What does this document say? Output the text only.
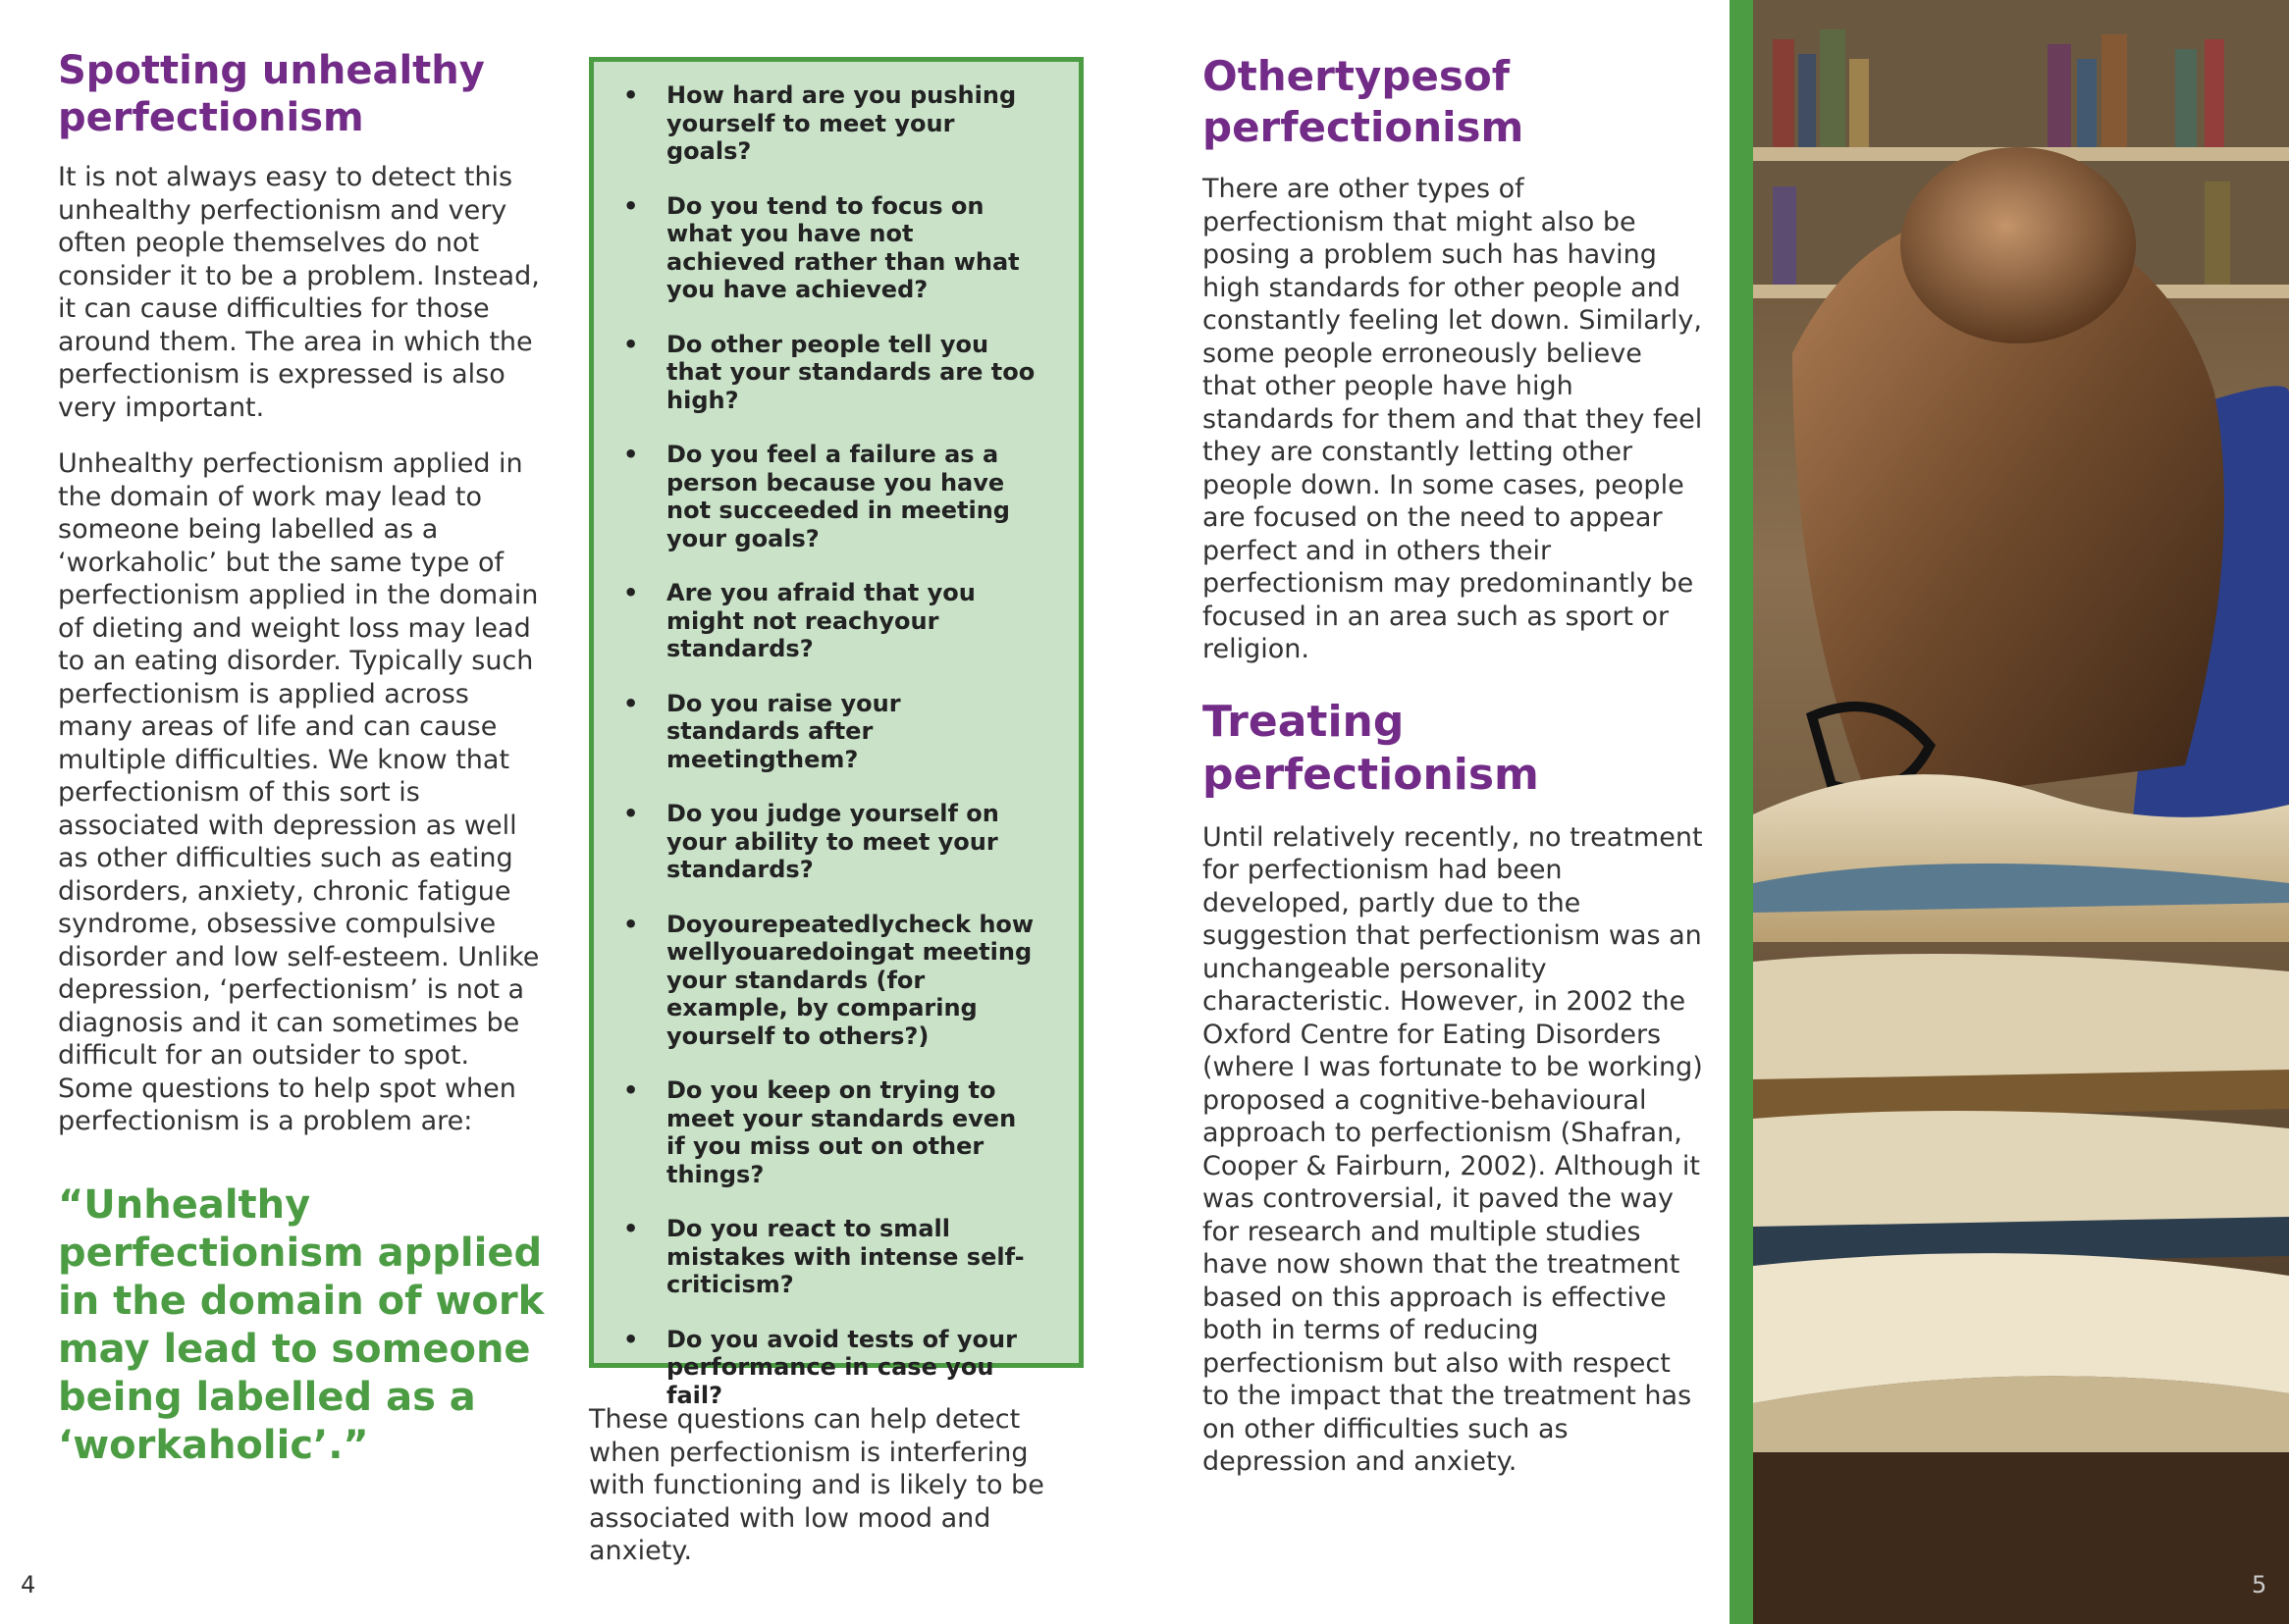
Spotting unhealthy perfectionism

It is not always easy to detect this unhealthy perfectionism and very often people themselves do not consider it to be a problem. Instead, it can cause difficulties for those around them. The area in which the perfectionism is expressed is also very important.

Unhealthy perfectionism applied in the domain of work may lead to someone being labelled as a ‘workaholic’ but the same type of perfectionism applied in the domain of dieting and weight loss may lead to an eating disorder. Typically such perfectionism is applied across many areas of life and can cause multiple difficulties. We know that perfectionism of this sort is associated with depression as well as other difficulties such as eating disorders, anxiety, chronic fatigue syndrome, obsessive compulsive disorder and low self-esteem. Unlike depression, ‘perfectionism’ is not a diagnosis and it can sometimes be difficult for an outsider to spot. Some questions to help spot when perfectionism is a problem are:

“Unhealthy perfectionism applied in the domain of work may lead to someone being labelled as a ‘workaholic’.”
• How hard are you pushing yourself to meet your goals?
• Do you tend to focus on what you have not achieved rather than what you have achieved?
• Do other people tell you that your standards are too high?
• Do you feel a failure as a person because you have not succeeded in meeting your goals?
• Are you afraid that you might not reachyour standards?
• Do you raise your standards after meetingthem?
• Do you judge yourself on your ability to meet your standards?
• Doyourepeatedlycheck how wellyouaredoingat meeting your standards (for example, by comparing yourself to others?)
• Do you keep on trying to meet your standards even if you miss out on other things?
• Do you react to small mistakes with intense self-criticism?
• Do you avoid tests of your performance in case you fail?

These questions can help detect when perfectionism is interfering with functioning and is likely to be associated with low mood and anxiety.

Othertypesof perfectionism

There are other types of perfectionism that might also be posing a problem such has having high standards for other people and constantly feeling let down. Similarly, some people erroneously believe that other people have high standards for them and that they feel they are constantly letting other people down. In some cases, people are focused on the need to appear perfect and in others their perfectionism may predominantly be focused in an area such as sport or religion.

Treating perfectionism

Until relatively recently, no treatment for perfectionism had been developed, partly due to the suggestion that perfectionism was an unchangeable personality characteristic. However, in 2002 the Oxford Centre for Eating Disorders (where I was fortunate to be working) proposed a cognitive-behavioural approach to perfectionism (Shafran, Cooper & Fairburn, 2002). Although it was controversial, it paved the way for research and multiple studies have now shown that the treatment based on this approach is effective both in terms of reducing perfectionism but also with respect to the impact that the treatment has on other difficulties such as depression and anxiety.

4	5
